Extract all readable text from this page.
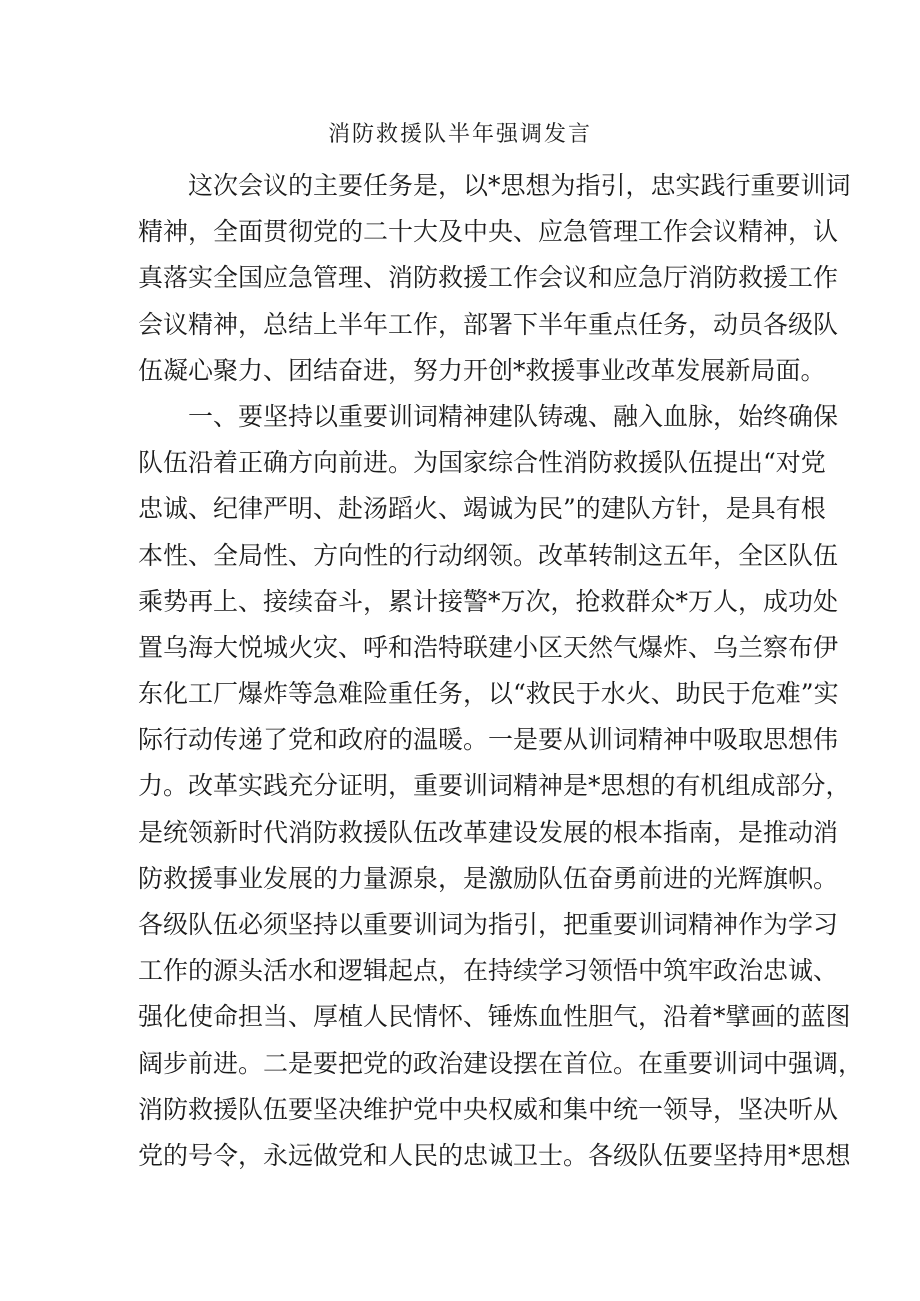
消防救援队半年强调发言
这次会议的主要任务是，以*思想为指引，忠实践行重要训词
精神，全面贯彻党的二十大及中央、应急管理工作会议精神，认
真落实全国应急管理、消防救援工作会议和应急厅消防救援工作
会议精神，总结上半年工作，部署下半年重点任务，动员各级队
伍凝心聚力、团结奋进，努力开创*救援事业改革发展新局面。
一、要坚持以重要训词精神建队铸魂、融入血脉，始终确保
队伍沿着正确方向前进。为国家综合性消防救援队伍提出“对党
忠诚、纪律严明、赴汤蹈火、竭诚为民”的建队方针，是具有根
本性、全局性、方向性的行动纲领。改革转制这五年，全区队伍
乘势再上、接续奋斗，累计接警*万次，抢救群众*万人，成功处
置乌海大悦城火灾、呼和浩特联建小区天然气爆炸、乌兰察布伊
东化工厂爆炸等急难险重任务，以“救民于水火、助民于危难”实
际行动传递了党和政府的温暖。一是要从训词精神中吸取思想伟
力。改革实践充分证明，重要训词精神是*思想的有机组成部分，
是统领新时代消防救援队伍改革建设发展的根本指南，是推动消
防救援事业发展的力量源泉，是激励队伍奋勇前进的光辉旗帜。
各级队伍必须坚持以重要训词为指引，把重要训词精神作为学习
工作的源头活水和逻辑起点，在持续学习领悟中筑牢政治忠诚、
强化使命担当、厚植人民情怀、锤炼血性胆气，沿着*擘画的蓝图
阔步前进。二是要把党的政治建设摆在首位。在重要训词中强调，
消防救援队伍要坚决维护党中央权威和集中统一领导，坚决听从
党的号令，永远做党和人民的忠诚卫士。各级队伍要坚持用*思想
